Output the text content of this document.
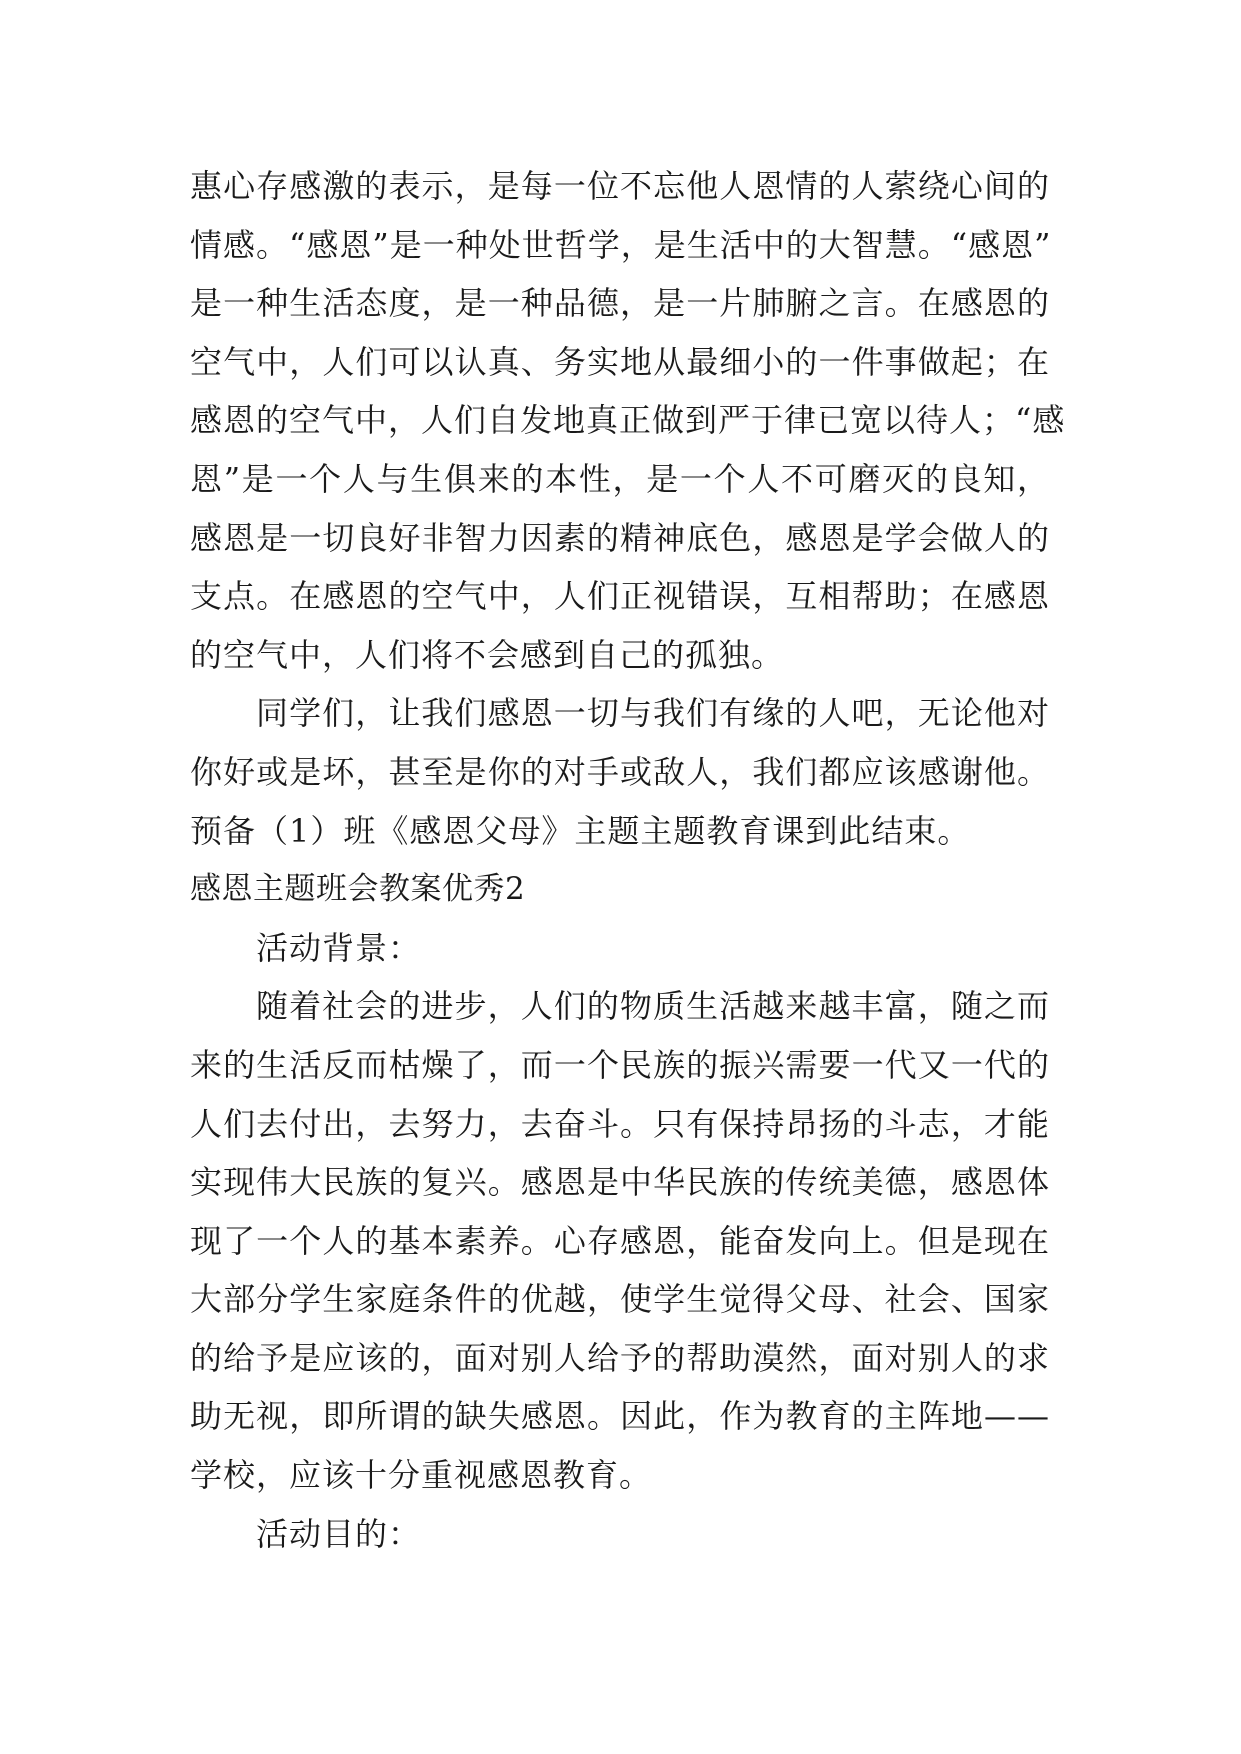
惠心存感激的表示，是每一位不忘他人恩情的人萦绕心间的
情感。“感恩”是一种处世哲学，是生活中的大智慧。“感恩”
是一种生活态度，是一种品德，是一片肺腑之言。在感恩的
空气中，人们可以认真、务实地从最细小的一件事做起；在
感恩的空气中，人们自发地真正做到严于律已宽以待人；“感
恩”是一个人与生俱来的本性，是一个人不可磨灭的良知，
感恩是一切良好非智力因素的精神底色，感恩是学会做人的
支点。在感恩的空气中，人们正视错误，互相帮助；在感恩
的空气中，人们将不会感到自己的孤独。
同学们，让我们感恩一切与我们有缘的人吧，无论他对
你好或是坏，甚至是你的对手或敌人，我们都应该感谢他。
预备（1）班《感恩父母》主题主题教育课到此结束。
感恩主题班会教案优秀2
活动背景：
随着社会的进步，人们的物质生活越来越丰富，随之而
来的生活反而枯燥了，而一个民族的振兴需要一代又一代的
人们去付出，去努力，去奋斗。只有保持昂扬的斗志，才能
实现伟大民族的复兴。感恩是中华民族的传统美德，感恩体
现了一个人的基本素养。心存感恩，能奋发向上。但是现在
大部分学生家庭条件的优越，使学生觉得父母、社会、国家
的给予是应该的，面对别人给予的帮助漠然，面对别人的求
助无视，即所谓的缺失感恩。因此，作为教育的主阵地——
学校，应该十分重视感恩教育。
活动目的：
